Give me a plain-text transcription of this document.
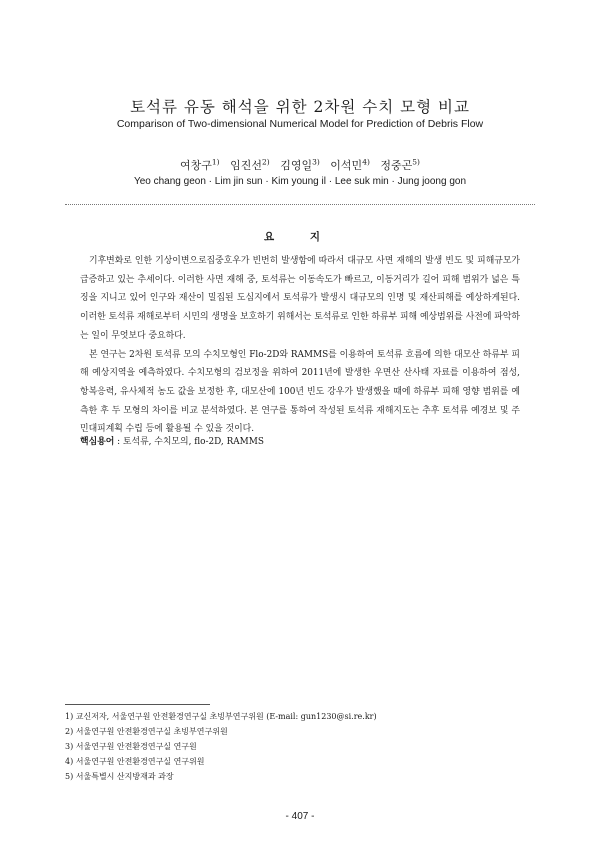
토석류 유동 해석을 위한 2차원 수치 모형 비교
Comparison of Two-dimensional Numerical Model for Prediction of Debris Flow
여창구$^{1)}$ 임진선$^{2)}$ 김영일$^{3)}$ 이석민$^{4)}$ 정중곤$^{5)}$
Yeo chang geon · Lim jin sun · Kim young il · Lee suk min · Jung joong gon
요 지

기후변화로 인한 기상이변으로집중호우가 빈번히 발생함에 따라서 대규모 사면 재해의 발생 빈도 및 피해규모가 급증하고 있는 추세이다. 이러한 사면 재해 중, 토석류는 이동속도가 빠르고, 이동거리가 길어 피해 범위가 넓은 특징을 지니고 있어 인구와 재산이 밀집된 도심지에서 토석류가 발생시 대규모의 인명 및 재산피해를 예상하게된다. 이러한 토석류 재해로부터 시민의 생명을 보호하기 위해서는 토석류로 인한 하류부 피해 예상범위를 사전에 파악하는 일이 무엇보다 중요하다.

본 연구는 2차원 토석류 모의 수치모형인 Flo-2D와 RAMMS를 이용하여 토석류 흐름에 의한 대모산 하류부 피해 예상지역을 예측하였다. 수치모형의 검보정을 위하여 2011년에 발생한 우면산 산사태 자료를 이용하여 점성, 항복응력, 유사체적 농도 값을 보정한 후, 대모산에 100년 빈도 강우가 발생했을 때에 하류부 피해 영향 범위를 예측한 후 두 모형의 차이를 비교 분석하였다. 본 연구를 통하여 작성된 토석류 재해지도는 추후 토석류 예경보 및 주민대피계획 수립 등에 활용될 수 있을 것이다.

핵심용어 : 토석류, 수치모의, flo-2D, RAMMS
1) 교신저자, 서울연구원 안전환경연구실 초빙부연구위원 (E-mail: gun1230@si.re.kr)
2) 서울연구원 안전환경연구실 초빙부연구위원
3) 서울연구원 안전환경연구실 연구원
4) 서울연구원 안전환경연구실 연구위원
5) 서울특별시 산지방재과 과장
- 407 -
